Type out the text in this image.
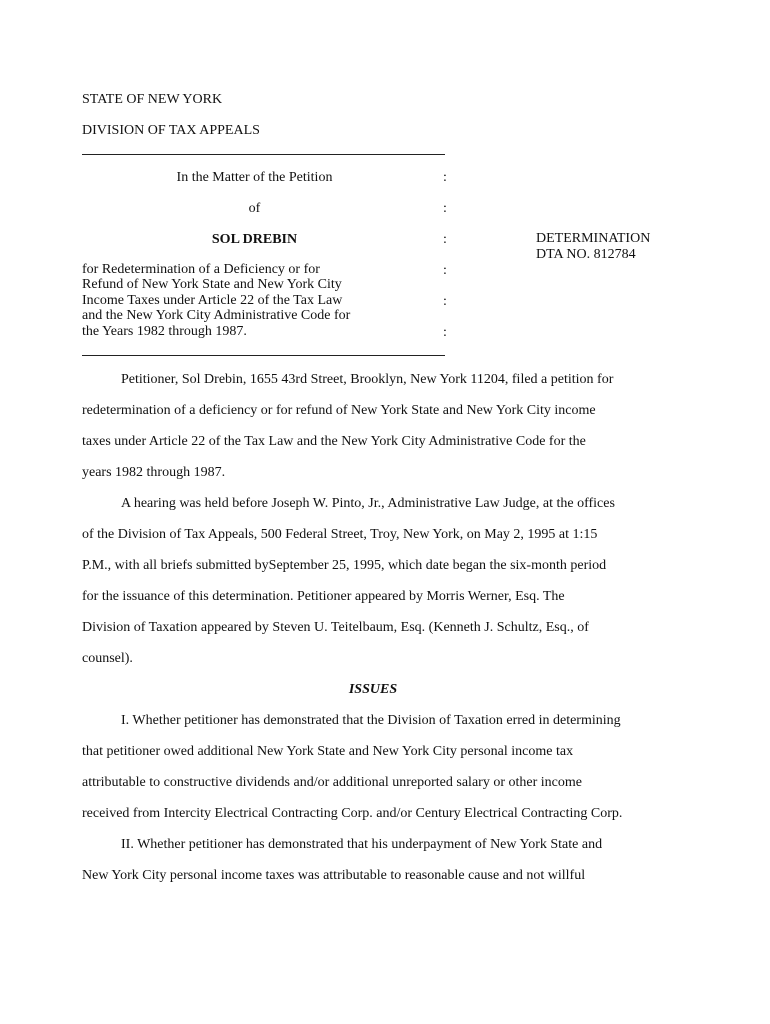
STATE OF NEW YORK
DIVISION OF TAX APPEALS
In the Matter of the Petition
of
SOL DREBIN
:
:
:
:
:
:
for Redetermination of a Deficiency or for
Refund of New York State and New York City
Income Taxes under Article 22 of the Tax Law
and the New York City Administrative Code for
the Years 1982 through 1987.
DETERMINATION
DTA NO. 812784
Petitioner, Sol Drebin, 1655 43rd Street, Brooklyn, New York 11204, filed a petition for
redetermination of a deficiency or for refund of New York State and New York City income
taxes under Article 22 of the Tax Law and the New York City Administrative Code for the
years 1982 through 1987.
A hearing was held before Joseph W. Pinto, Jr., Administrative Law Judge, at the offices
of the Division of Tax Appeals, 500 Federal Street, Troy, New York, on May 2, 1995 at 1:15
P.M., with all briefs submitted bySeptember 25, 1995, which date began the six-month period
for the issuance of this determination. Petitioner appeared by Morris Werner, Esq. The
Division of Taxation appeared by Steven U. Teitelbaum, Esq. (Kenneth J. Schultz, Esq., of
counsel).
ISSUES
I. Whether petitioner has demonstrated that the Division of Taxation erred in determining
that petitioner owed additional New York State and New York City personal income tax
attributable to constructive dividends and/or additional unreported salary or other income
received from Intercity Electrical Contracting Corp. and/or Century Electrical Contracting Corp.
II. Whether petitioner has demonstrated that his underpayment of New York State and
New York City personal income taxes was attributable to reasonable cause and not willful
